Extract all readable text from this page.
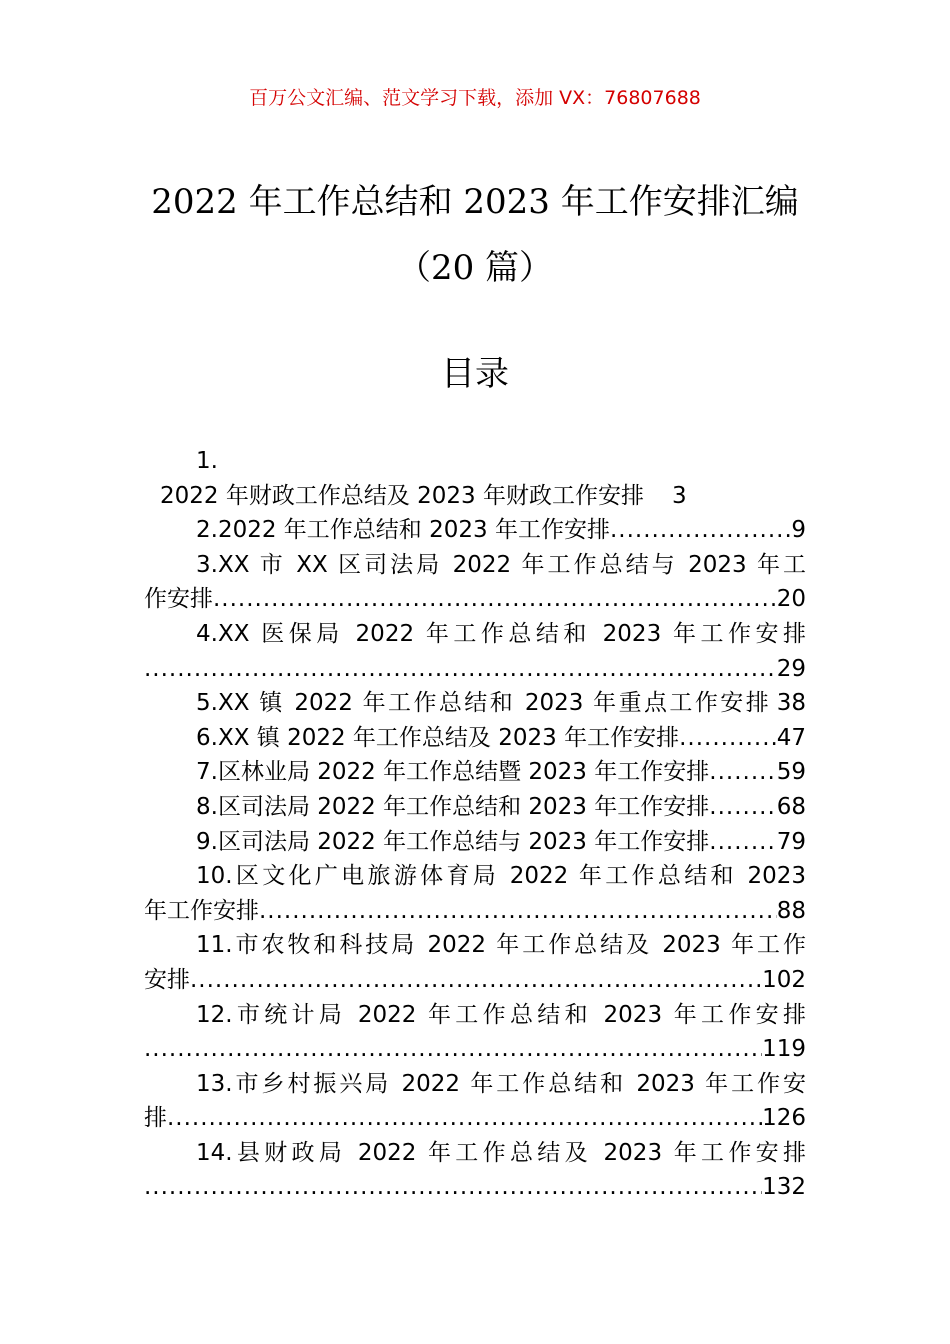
百万公文汇编、范文学习下载，添加 VX：76807688
2022 年工作总结和 2023 年工作安排汇编
（20 篇）
目录
1.
2022 年财政工作总结及 2023 年财政工作安排 3
2.2022 年工作总结和 2023 年工作安排 .....	9
3.XX 市 XX 区司法局 2022 年工作总结与 2023 年工
作安排 .....	20
4.XX 医保局 2022 年工作总结和 2023 年工作安排
.....
29
5.XX 镇 2022 年工作总结和 2023 年重点工作安排 38
6.XX 镇 2022 年工作总结及 2023 年工作安排 .....	47
7.区林业局 2022 年工作总结暨 2023 年工作安排 .....	59
8.区司法局 2022 年工作总结和 2023 年工作安排 .....	68
9.区司法局 2022 年工作总结与 2023 年工作安排 .....	79
10.区文化广电旅游体育局 2022 年工作总结和 2023
年工作安排 .....	88
11.市农牧和科技局 2022 年工作总结及 2023 年工作
安排 .....	102
12.市统计局 2022 年工作总结和 2023 年工作安排
.....
119
13.市乡村振兴局 2022 年工作总结和 2023 年工作安
排 .....	126
14.县财政局 2022 年工作总结及 2023 年工作安排
.....
132
